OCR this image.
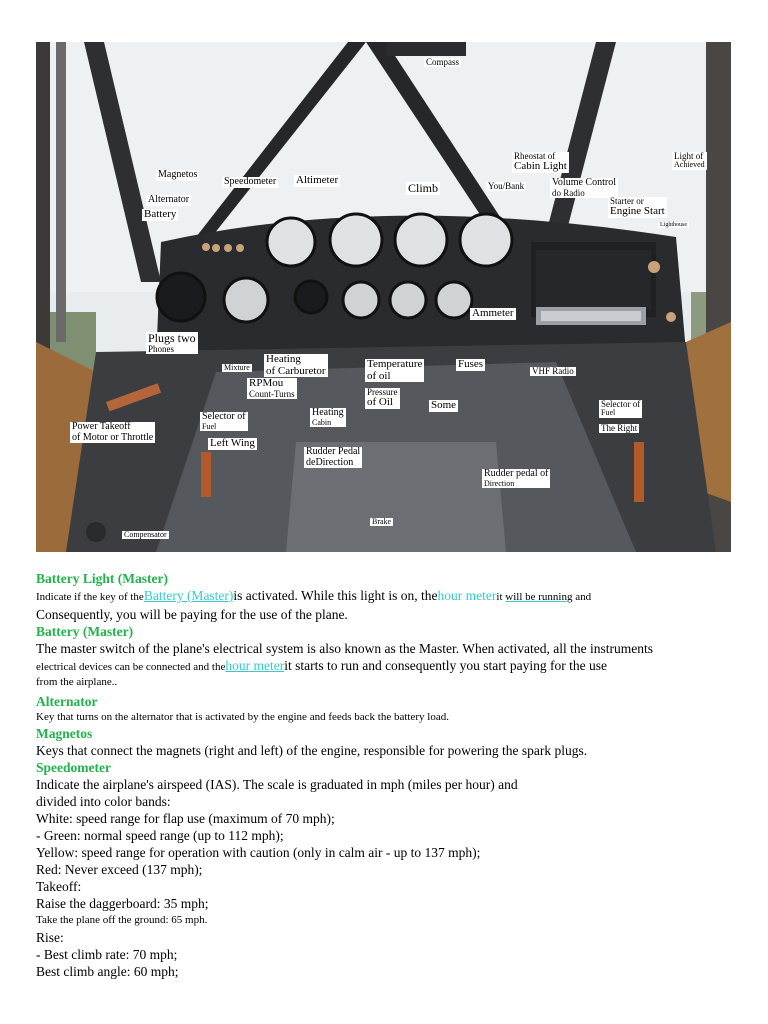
Compass
Rheostat of
Cabin Light
Light of
Achieved
Magnetos
Speedometer Altimeter
Climb	You/Bank	Volume Control
do Radio
Starter or
Engine Start
Lighthouse
Alternator
Battery
Plugs two
Phones
Mixture
Heating
of Carburetor
RPMou
Count-Turns
Ammeter
Temperature
of oil
Fuses
VHF Radio
Pressure
of Oil	Some
Heating
Cabin
Power Takeoff
of Motor or Throttle
Selector of
Fuel
Left Wing
Rudder Pedal
deDirection
Selector of
Fuel
The Right
Rudder pedal of
Direction
Brake
Compensator

Battery Light (Master)

Indicate if the key of theBattery (Master)is activated. While this light is on, thehour meterit will be running and

Consequently, you will be paying for the use of the plane.

Battery (Master)

The master switch of the plane's electrical system is also known as the Master. When activated, all the instruments

electrical devices can be connected and thehour meterit starts to run and consequently you start paying for the use

from the airplane..

Alternator

Key that turns on the alternator that is activated by the engine and feeds back the battery load.

Magnetos

Keys that connect the magnets (right and left) of the engine, responsible for powering the spark plugs.

Speedometer

Indicate the airplane's airspeed (IAS). The scale is graduated in mph (miles per hour) and

divided into color bands:

White: speed range for flap use (maximum of 70 mph);

- Green: normal speed range (up to 112 mph);

Yellow: speed range for operation with caution (only in calm air - up to 137 mph);

Red: Never exceed (137 mph);

Takeoff:

Raise the daggerboard: 35 mph;

Take the plane off the ground: 65 mph.

Rise:

- Best climb rate: 70 mph;

Best climb angle: 60 mph;
